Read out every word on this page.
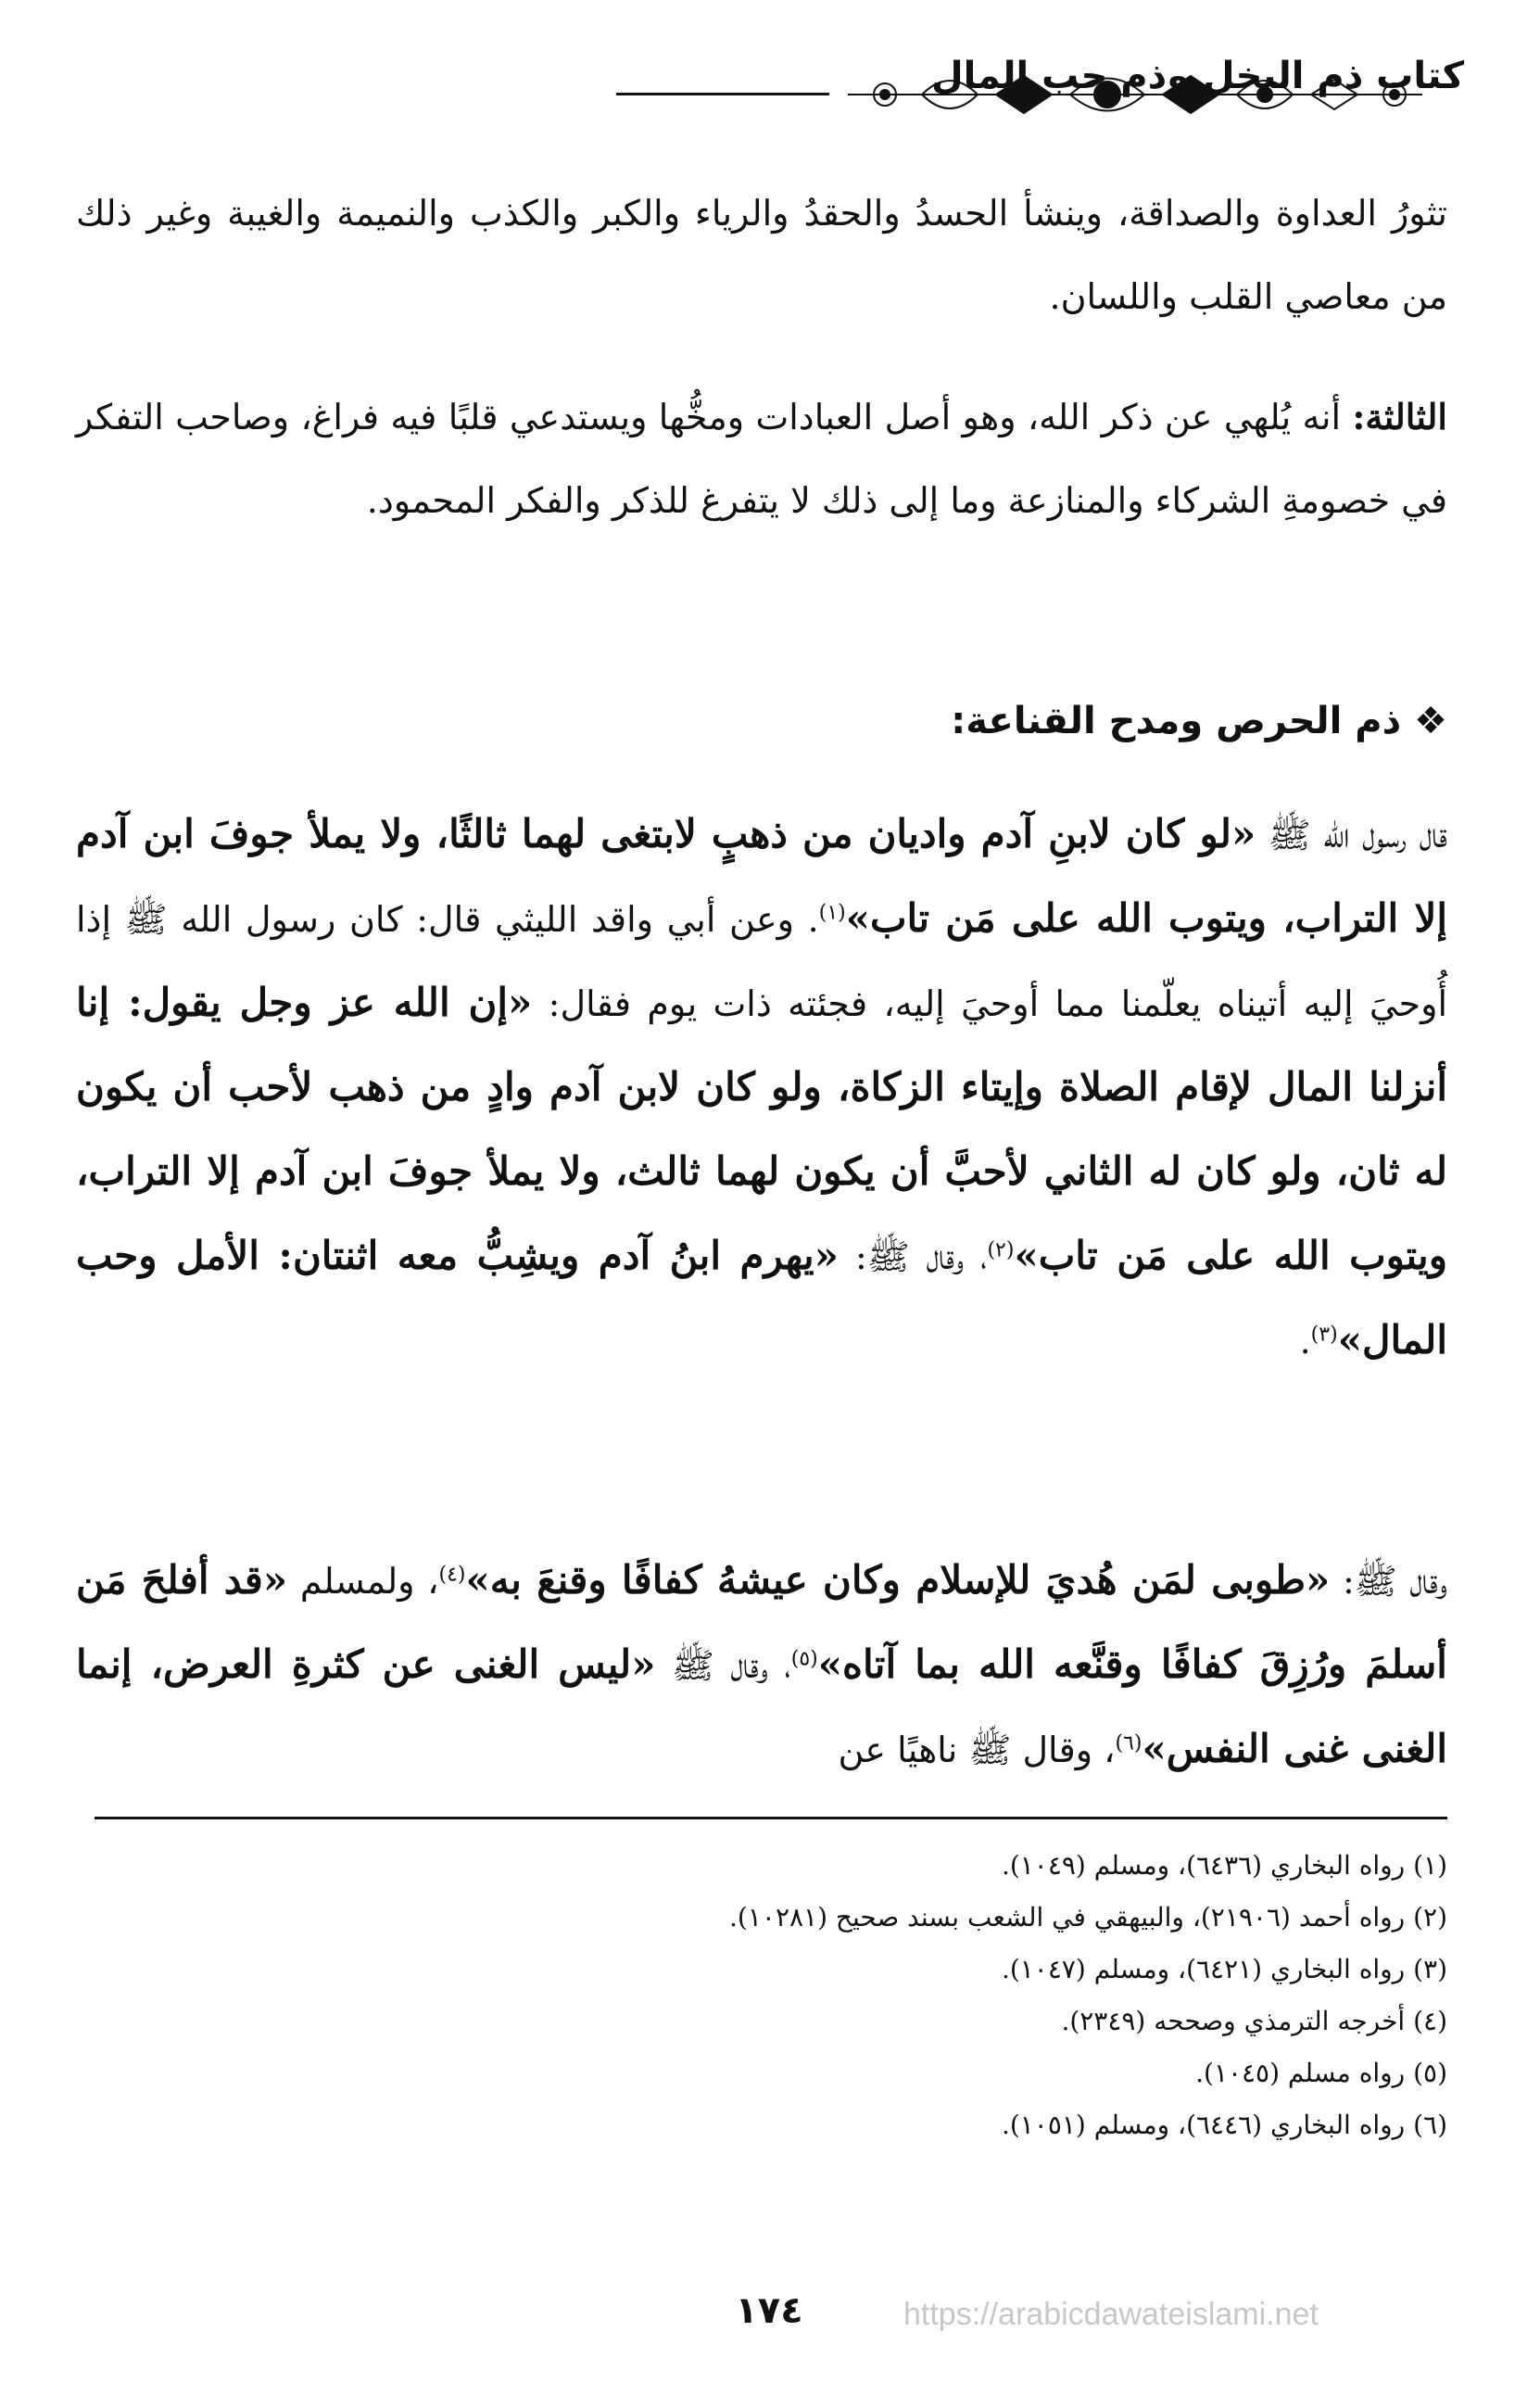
كتاب ذم البخل وذم حب المال
تثورُ العداوة والصداقة، وينشأ الحسدُ والحقدُ والرياء والكبر والكذب والنميمة والغيبة وغير ذلك من معاصي القلب واللسان.
الثالثة: أنه يُلهي عن ذكر الله، وهو أصل العبادات ومخُّها ويستدعي قلبًا فيه فراغ، وصاحب التفكر في خصومةِ الشركاء والمنازعة وما إلى ذلك لا يتفرغ للذكر والفكر المحمود.
❖ذم الحرص ومدح القناعة:
قال رسول الله ﷺ «لو كان لابنِ آدم واديان من ذهبٍ لابتغى لهما ثالثًا، ولا يملأ جوفَ ابن آدم إلا التراب، ويتوب الله على مَن تاب»$^{(١)}$. وعن أبي واقد الليثي قال: كان رسول الله ﷺ إذا أُوحيَ إليه أتيناه يعلّمنا مما أوحيَ إليه، فجئته ذات يوم فقال: «إن الله عز وجل يقول: إنا أنزلنا المال لإقام الصلاة وإيتاء الزكاة، ولو كان لابن آدم وادٍ من ذهب لأحب أن يكون له ثان، ولو كان له الثاني لأحبَّ أن يكون لهما ثالث، ولا يملأ جوفَ ابن آدم إلا التراب، ويتوب الله على مَن تاب»$^{(٢)}$، وقال ﷺ: «يهرم ابنُ آدم ويشِبُّ معه اثنتان: الأمل وحب المال»$^{(٣)}$.
وقال ﷺ: «طوبى لمَن هُديَ للإسلام وكان عيشهُ كفافًا وقنعَ به»$^{(٤)}$، ولمسلم «قد أفلحَ مَن أسلمَ ورُزِقَ كفافًا وقنَّعه الله بما آتاه»$^{(٥)}$، وقال ﷺ «ليس الغنى عن كثرةِ العرض، إنما الغنى غنى النفس»$^{(٦)}$، وقال ﷺ ناهيًا عن
(١) رواه البخاري (٦٤٣٦)، ومسلم (١٠٤٩).
(٢) رواه أحمد (٢١٩٠٦)، والبيهقي في الشعب بسند صحيح (١٠٢٨١).
(٣) رواه البخاري (٦٤٢١)، ومسلم (١٠٤٧).
(٤) أخرجه الترمذي وصححه (٢٣٤٩).
(٥) رواه مسلم (١٠٤٥).
(٦) رواه البخاري (٦٤٤٦)، ومسلم (١٠٥١).
١٧٤	https://arabicdawateislami.net
